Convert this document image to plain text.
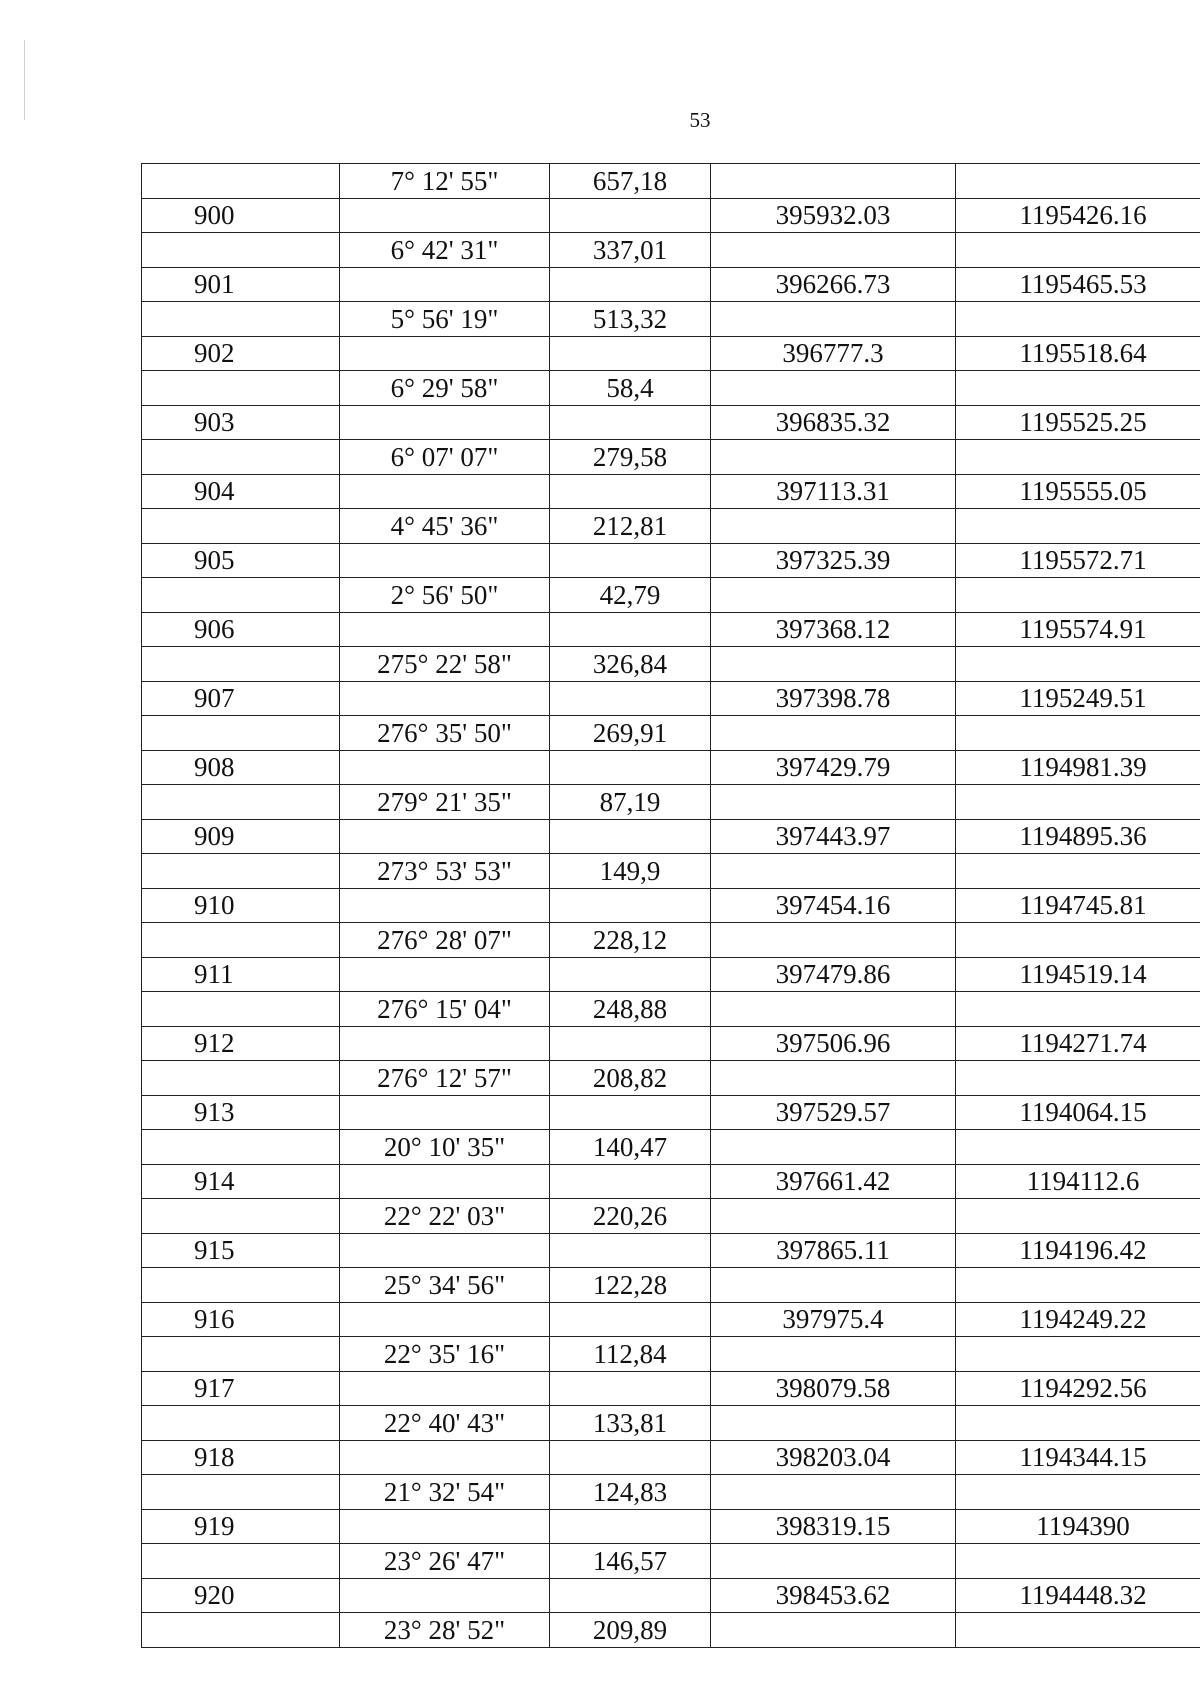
53
	7° 12' 55"	657,18		
900			395932.03	1195426.16
	6° 42' 31"	337,01		
901			396266.73	1195465.53
	5° 56' 19"	513,32		
902			396777.3	1195518.64
	6° 29' 58"	58,4		
903			396835.32	1195525.25
	6° 07' 07"	279,58		
904			397113.31	1195555.05
	4° 45' 36"	212,81		
905			397325.39	1195572.71
	2° 56' 50"	42,79		
906			397368.12	1195574.91
	275° 22' 58"	326,84		
907			397398.78	1195249.51
	276° 35' 50"	269,91		
908			397429.79	1194981.39
	279° 21' 35"	87,19		
909			397443.97	1194895.36
	273° 53' 53"	149,9		
910			397454.16	1194745.81
	276° 28' 07"	228,12		
911			397479.86	1194519.14
	276° 15' 04"	248,88		
912			397506.96	1194271.74
	276° 12' 57"	208,82		
913			397529.57	1194064.15
	20° 10' 35"	140,47		
914			397661.42	1194112.6
	22° 22' 03"	220,26		
915			397865.11	1194196.42
	25° 34' 56"	122,28		
916			397975.4	1194249.22
	22° 35' 16"	112,84		
917			398079.58	1194292.56
	22° 40' 43"	133,81		
918			398203.04	1194344.15
	21° 32' 54"	124,83		
919			398319.15	1194390
	23° 26' 47"	146,57		
920			398453.62	1194448.32
	23° 28' 52"	209,89		
